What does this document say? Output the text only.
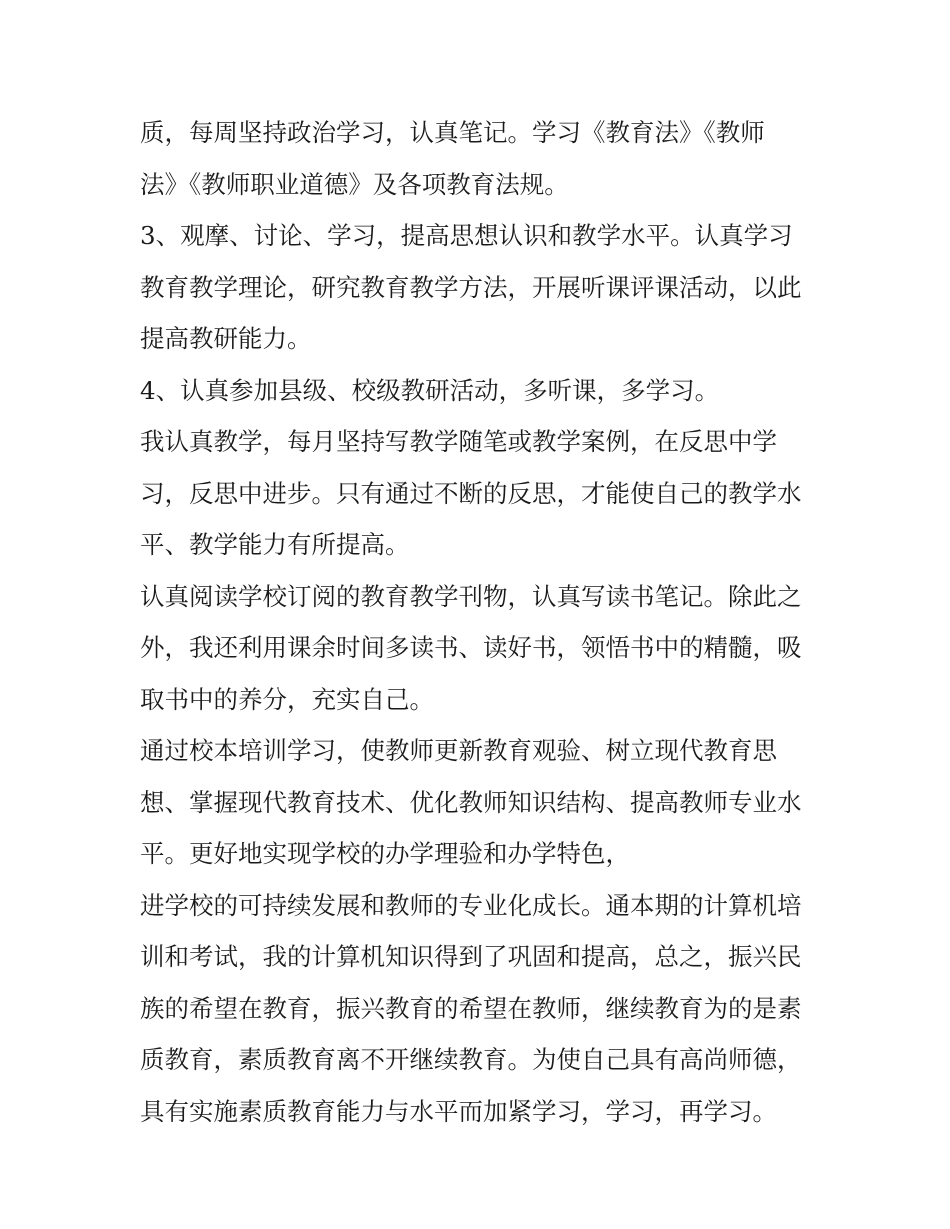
质，每周坚持政治学习，认真笔记。学习《教育法》《教师
法》《教师职业道德》及各项教育法规。
3、观摩、讨论、学习，提高思想认识和教学水平。认真学习
教育教学理论，研究教育教学方法，开展听课评课活动，以此
提高教研能力。
4、认真参加县级、校级教研活动，多听课，多学习。
我认真教学，每月坚持写教学随笔或教学案例，在反思中学
习，反思中进步。只有通过不断的反思，才能使自己的教学水
平、教学能力有所提高。
认真阅读学校订阅的教育教学刊物，认真写读书笔记。除此之
外，我还利用课余时间多读书、读好书，领悟书中的精髓，吸
取书中的养分，充实自己。
通过校本培训学习，使教师更新教育观验、树立现代教育思
想、掌握现代教育技术、优化教师知识结构、提高教师专业水
平。更好地实现学校的办学理验和办学特色，
进学校的可持续发展和教师的专业化成长。通本期的计算机培
训和考试，我的计算机知识得到了巩固和提高，总之，振兴民
族的希望在教育，振兴教育的希望在教师，继续教育为的是素
质教育，素质教育离不开继续教育。为使自己具有高尚师德，
具有实施素质教育能力与水平而加紧学习，学习，再学习。
